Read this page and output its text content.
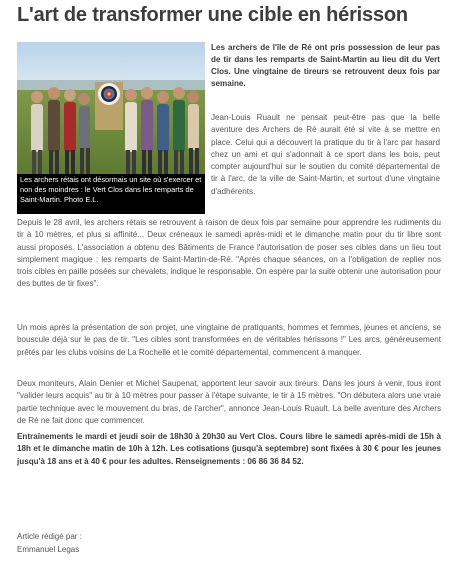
L'art de transformer une cible en hérisson
Les archers rétais ont désormais un site où s'exercer et non des moindres : le Vert Clos dans les remparts de Saint-Martin. Photo E.L.

Les archers de l'île de Ré ont pris possession de leur pas de tir dans les remparts de Saint-Martin au lieu dit du Vert Clos. Une vingtaine de tireurs se retrouvent deux fois par semaine.

Jean-Louis Ruault ne pensait peut-être pas que la belle aventure des Archers de Ré aurait été si vite à se mettre en place. Celui qui a découvert la pratique du tir à l'arc par hasard chez un ami et qui s'adonnait à ce sport dans les bois, peut compter aujourd'hui sur le soutien du comité départemental de tir à l'arc, de la ville de Saint-Martin, et surtout d'une vingtaine d'adhérents.

Depuis le 28 avril, les archers rétais se retrouvent à raison de deux fois par semaine pour apprendre les rudiments du tir à 10 mètres, et plus si affinité... Deux créneaux le samedi après-midi et le dimanche matin pour du tir libre sont aussi proposés. L'association a obtenu des Bâtiments de France l'autorisation de poser ses cibles dans un lieu tout simplement magique : les remparts de Saint-Martin-de-Ré. "Après chaque séances, on a l'obligation de replier nos trois cibles en paille posées sur chevalets, indique le responsable. On espère par la suite obtenir une autorisation pour des buttes de tir fixes".

Un mois après la présentation de son projet, une vingtaine de pratiquants, hommes et femmes, jeunes et anciens, se bouscule déjà sur le pas de tir. "Les cibles sont transformées en de véritables hérissons !" Les arcs, généreusement prêtés par les clubs voisins de La Rochelle et le comité départemental, commencent à manquer.

Deux moniteurs, Alain Denier et Michel Saupenat, apportent leur savoir aux tireurs. Dans les jours à venir, tous iront "valider leurs acquis" au tir à 10 mètres pour passer à l'étape suivante, le tir à 15 mètres. "On débutera alors une vraie partie technique avec le mouvement du bras, de l'archer", annonce Jean-Louis Ruault. La belle aventure des Archers de Ré ne fait donc que commencer.

Entraînements le mardi et jeudi soir de 18h30 à 20h30 au Vert Clos. Cours libre le samedi après-midi de 15h à 18h et le dimanche matin de 10h à 12h. Les cotisations (jusqu'à septembre) sont fixées à 30 € pour les jeunes jusqu'à 18 ans et à 40 € pour les adultes. Renseignements : 06 86 36 84 52.

Article rédigé par :
Emmanuel Legas
